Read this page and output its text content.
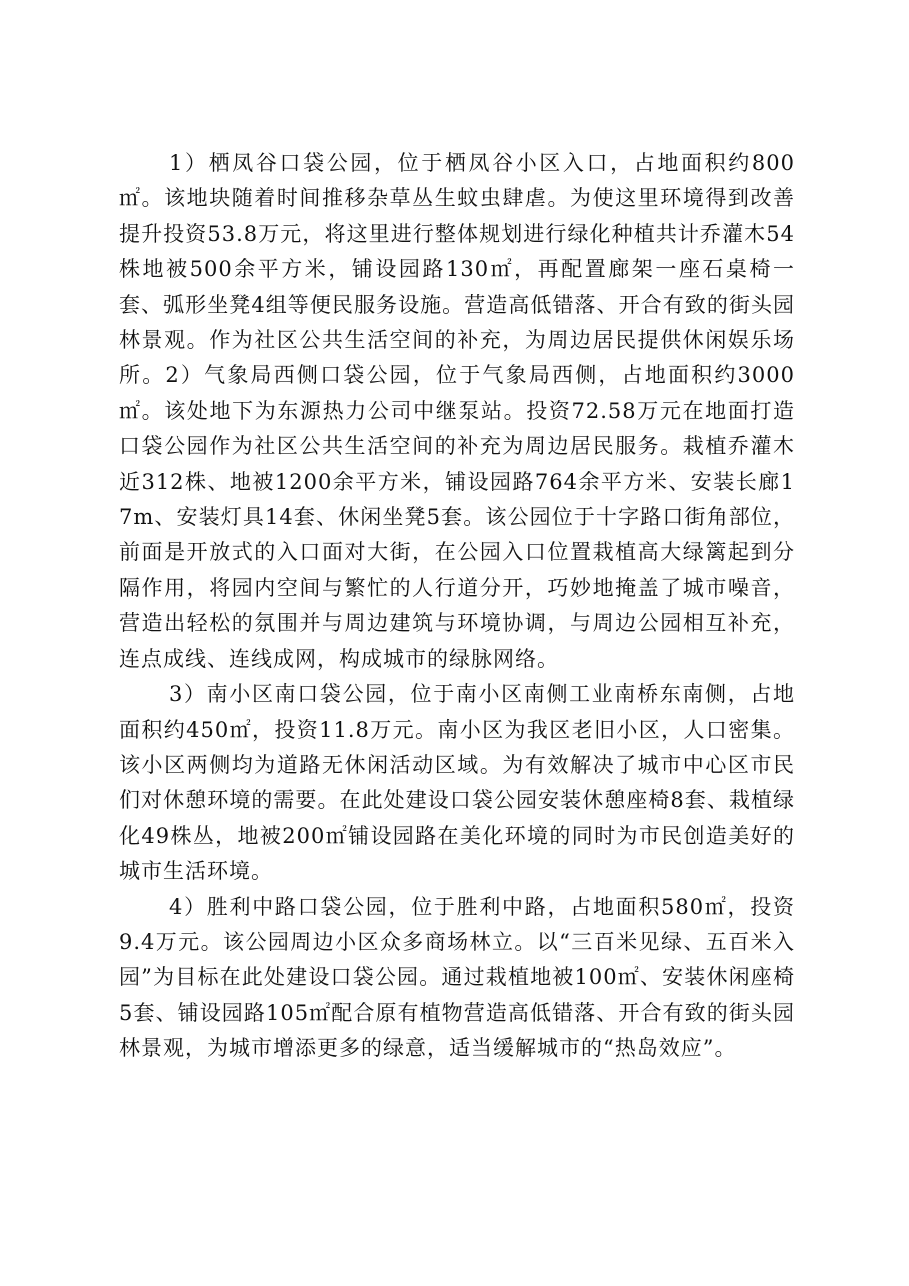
1）栖凤谷口袋公园，位于栖凤谷小区入口，占地面积约800㎡。该地块随着时间推移杂草丛生蚊虫肆虐。为使这里环境得到改善提升投资53.8万元，将这里进行整体规划进行绿化种植共计乔灌木54株地被500余平方米，铺设园路130㎡，再配置廊架一座石桌椅一套、弧形坐凳4组等便民服务设施。营造高低错落、开合有致的街头园林景观。作为社区公共生活空间的补充，为周边居民提供休闲娱乐场所。2）气象局西侧口袋公园，位于气象局西侧，占地面积约3000㎡。该处地下为东源热力公司中继泵站。投资72.58万元在地面打造口袋公园作为社区公共生活空间的补充为周边居民服务。栽植乔灌木近312株、地被1200余平方米，铺设园路764余平方米、安装长廊17m、安装灯具14套、休闲坐凳5套。该公园位于十字路口街角部位，前面是开放式的入口面对大街，在公园入口位置栽植高大绿篱起到分隔作用，将园内空间与繁忙的人行道分开，巧妙地掩盖了城市噪音，营造出轻松的氛围并与周边建筑与环境协调，与周边公园相互补充，连点成线、连线成网，构成城市的绿脉网络。

3）南小区南口袋公园，位于南小区南侧工业南桥东南侧，占地面积约450㎡，投资11.8万元。南小区为我区老旧小区，人口密集。该小区两侧均为道路无休闲活动区域。为有效解决了城市中心区市民们对休憩环境的需要。在此处建设口袋公园安装休憩座椅8套、栽植绿化49株丛，地被200㎡铺设园路在美化环境的同时为市民创造美好的城市生活环境。

4）胜利中路口袋公园，位于胜利中路，占地面积580㎡，投资9.4万元。该公园周边小区众多商场林立。以“三百米见绿、五百米入园”为目标在此处建设口袋公园。通过栽植地被100㎡、安装休闲座椅5套、铺设园路105㎡配合原有植物营造高低错落、开合有致的街头园林景观，为城市增添更多的绿意，适当缓解城市的“热岛效应”。
